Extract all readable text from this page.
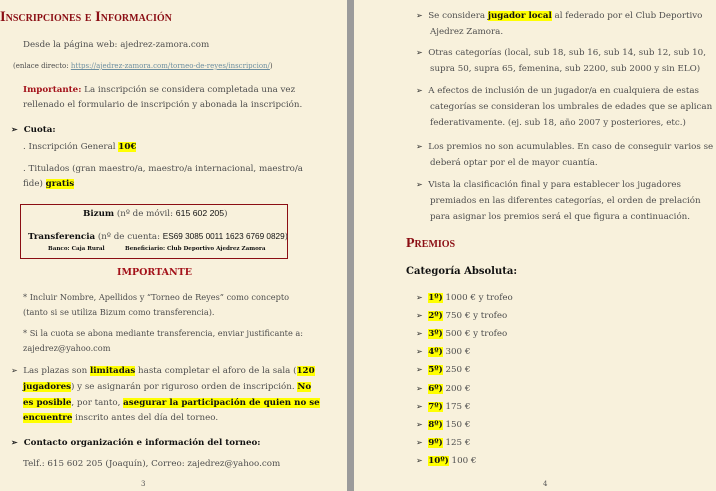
Inscripciones e Información
Desde la página web: ajedrez-zamora.com
(enlace directo: https://ajedrez-zamora.com/torneo-de-reyes/inscripcion/)
Importante: La inscripción se considera completada una vez
rellenado el formulario de inscripción y abonada la inscripción.
➢ Cuota:
. Inscripción General 10€
. Titulados (gran maestro/a, maestro/a internacional, maestro/a
fide) gratis
Bizum (nº de móvil: 615 602 205)
Transferencia (nº de cuenta: ES69 3085 0011 1623 6769 0829)
Banco: Caja Rural	Beneficiario: Club Deportivo Ajedrez Zamora
IMPORTANTE
* Incluir Nombre, Apellidos y “Torneo de Reyes” como concepto
(tanto si se utiliza Bizum como transferencia).
* Si la cuota se abona mediante transferencia, enviar justificante a:
zajedrez@yahoo.com
➢ Las plazas son limitadas hasta completar el aforo de la sala (120
jugadores) y se asignarán por riguroso orden de inscripción. No
es posible, por tanto, asegurar la participación de quien no se
encuentre inscrito antes del día del torneo.
➢ Contacto organización e información del torneo:
Telf.: 615 602 205 (Joaquín), Correo: zajedrez@yahoo.com
3
➢ Se considera jugador local al federado por el Club Deportivo
Ajedrez Zamora.
➢ Otras categorías (local, sub 18, sub 16, sub 14, sub 12, sub 10,
supra 50, supra 65, femenina, sub 2200, sub 2000 y sin ELO)
➢ A efectos de inclusión de un jugador/a en cualquiera de estas
categorías se consideran los umbrales de edades que se aplican
federativamente. (ej. sub 18, año 2007 y posteriores, etc.)
➢ Los premios no son acumulables. En caso de conseguir varios se
deberá optar por el de mayor cuantía.
➢ Vista la clasificación final y para establecer los jugadores
premiados en las diferentes categorías, el orden de prelación
para asignar los premios será el que figura a continuación.
Premios
Categoría Absoluta:
➢ 1º) 1000 € y trofeo
➢ 2º) 750 € y trofeo
➢ 3º) 500 € y trofeo
➢ 4º) 300 €
➢ 5º) 250 €
➢ 6º) 200 €
➢ 7º) 175 €
➢ 8º) 150 €
➢ 9º) 125 €
➢ 10º) 100 €
4
